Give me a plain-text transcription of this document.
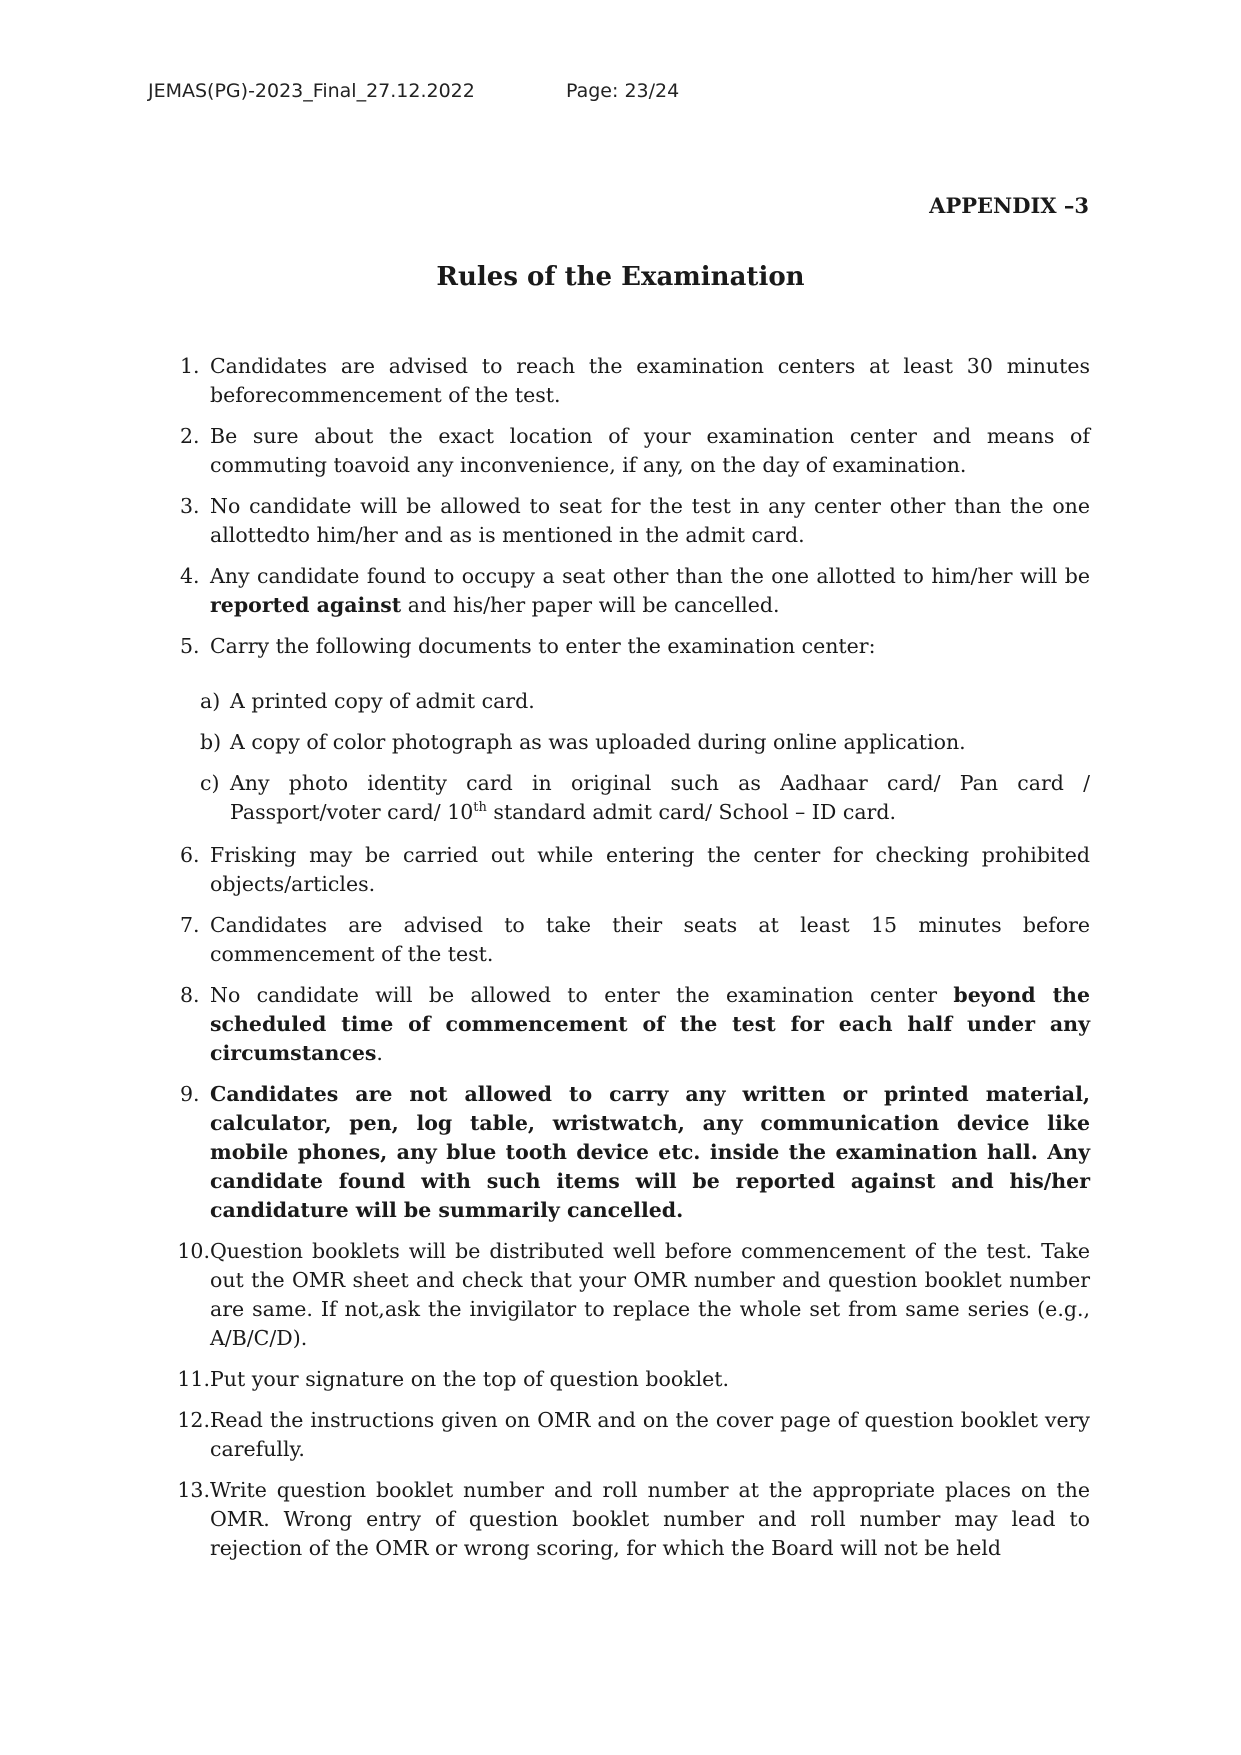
JEMAS(PG)-2023_Final_27.12.2022	Page: 23/24
APPENDIX –3
Rules of the Examination
1. Candidates are advised to reach the examination centers at least 30 minutes beforecommencement of the test.
2. Be sure about the exact location of your examination center and means of commuting toavoid any inconvenience, if any, on the day of examination.
3. No candidate will be allowed to seat for the test in any center other than the one allottedto him/her and as is mentioned in the admit card.
4. Any candidate found to occupy a seat other than the one allotted to him/her will be reported against and his/her paper will be cancelled.
5. Carry the following documents to enter the examination center:
a) A printed copy of admit card.
b) A copy of color photograph as was uploaded during online application.
c) Any photo identity card in original such as Aadhaar card/ Pan card / Passport/voter card/ 10th standard admit card/ School – ID card.
6. Frisking may be carried out while entering the center for checking prohibited objects/articles.
7. Candidates are advised to take their seats at least 15 minutes before commencement of the test.
8. No candidate will be allowed to enter the examination center beyond the scheduled time of commencement of the test for each half under any circumstances.
9. Candidates are not allowed to carry any written or printed material, calculator, pen, log table, wristwatch, any communication device like mobile phones, any blue tooth device etc. inside the examination hall. Any candidate found with such items will be reported against and his/her candidature will be summarily cancelled.
10. Question booklets will be distributed well before commencement of the test. Take out the OMR sheet and check that your OMR number and question booklet number are same. If not,ask the invigilator to replace the whole set from same series (e.g., A/B/C/D).
11. Put your signature on the top of question booklet.
12. Read the instructions given on OMR and on the cover page of question booklet very carefully.
13. Write question booklet number and roll number at the appropriate places on the OMR. Wrong entry of question booklet number and roll number may lead to rejection of the OMR or wrong scoring, for which the Board will not be held
